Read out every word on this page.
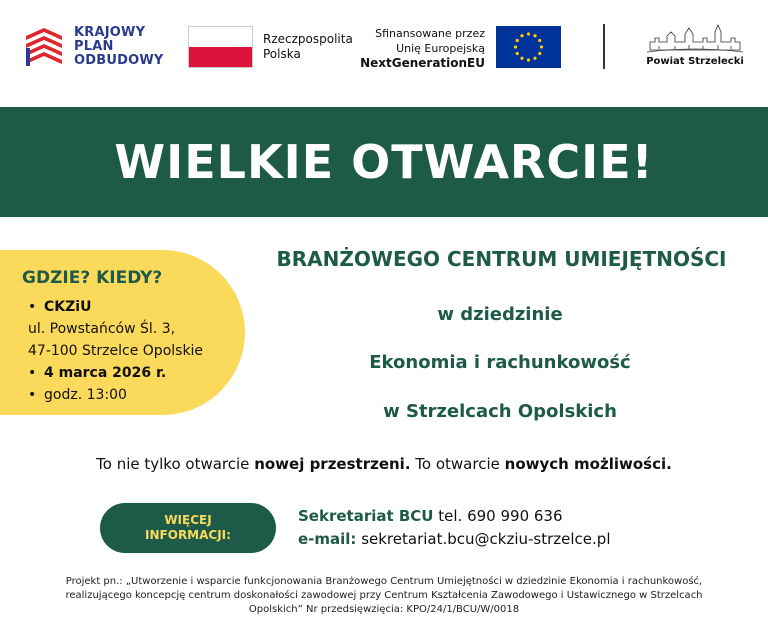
KRAJOWY
PLAN
ODBUDOWY
Rzeczpospolita
Polska
Sfinansowane przez
Unię Europejską
NextGenerationEU	Powiat Strzelecki
WIELKIE OTWARCIE!
GDZIE? KIEDY?
• CKZiU
ul. Powstańców Śl. 3,
47-100 Strzelce Opolskie
• 4 marca 2026 r.
• godz. 13:00
BRANŻOWEGO CENTRUM UMIEJĘTNOŚCI
w dziedzinie
Ekonomia i rachunkowość
w Strzelcach Opolskich
To nie tylko otwarcie nowej przestrzeni. To otwarcie nowych możliwości.
WIĘCEJ
INFORMACJI:
Sekretariat BCU tel. 690 990 636
e-mail: sekretariat.bcu@ckziu-strzelce.pl
Projekt pn.: „Utworzenie i wsparcie funkcjonowania Branżowego Centrum Umiejętności w dziedzinie Ekonomia i rachunkowość,
realizującego koncepcję centrum doskonałości zawodowej przy Centrum Kształcenia Zawodowego i Ustawicznego w Strzelcach
Opolskich” Nr przedsięwzięcia: KPO/24/1/BCU/W/0018
